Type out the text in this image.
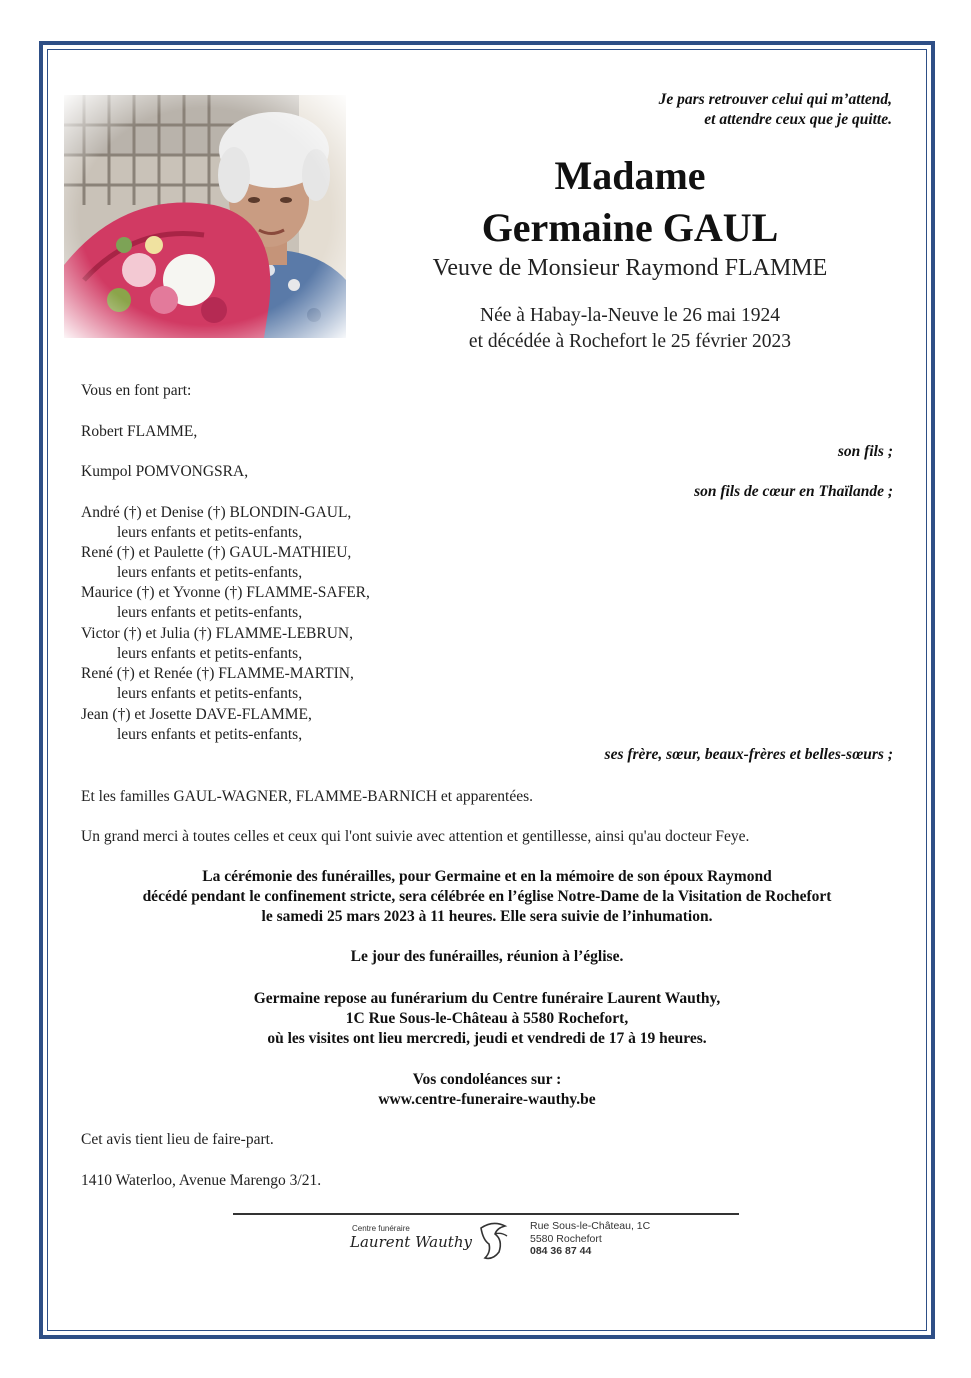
Je pars retrouver celui qui m’attend,
et attendre ceux que je quitte.
Madame
Germaine GAUL
Veuve de Monsieur Raymond FLAMME
Née à Habay-la-Neuve le 26 mai 1924
et décédée à Rochefort le 25 février 2023
Vous en font part:
Robert FLAMME,
son fils ;
Kumpol POMVONGSRA,
son fils de cœur en Thaïlande ;
André (†) et Denise (†) BLONDIN-GAUL,
leurs enfants et petits-enfants,
René (†) et Paulette (†) GAUL-MATHIEU,
leurs enfants et petits-enfants,
Maurice (†) et Yvonne (†) FLAMME-SAFER,
leurs enfants et petits-enfants,
Victor (†) et Julia (†) FLAMME-LEBRUN,
leurs enfants et petits-enfants,
René (†) et Renée (†) FLAMME-MARTIN,
leurs enfants et petits-enfants,
Jean (†) et Josette DAVE-FLAMME,
leurs enfants et petits-enfants,
ses frère, sœur, beaux-frères et belles-sœurs ;
Et les familles GAUL-WAGNER, FLAMME-BARNICH et apparentées.
Un grand merci à toutes celles et ceux qui l'ont suivie avec attention et gentillesse, ainsi qu'au docteur Feye.
La cérémonie des funérailles, pour Germaine et en la mémoire de son époux Raymond
décédé pendant le confinement stricte, sera célébrée en l’église Notre-Dame de la Visitation de Rochefort
le samedi 25 mars 2023 à 11 heures. Elle sera suivie de l’inhumation.
Le jour des funérailles, réunion à l’église.
Germaine repose au funérarium du Centre funéraire Laurent Wauthy,
1C Rue Sous-le-Château à 5580 Rochefort,
où les visites ont lieu mercredi, jeudi et vendredi de 17 à 19 heures.
Vos condoléances sur :
www.centre-funeraire-wauthy.be
Cet avis tient lieu de faire-part.
1410 Waterloo, Avenue Marengo 3/21.
Centre funéraire
Laurent Wauthy
Rue Sous-le-Château, 1C
5580 Rochefort
084 36 87 44
